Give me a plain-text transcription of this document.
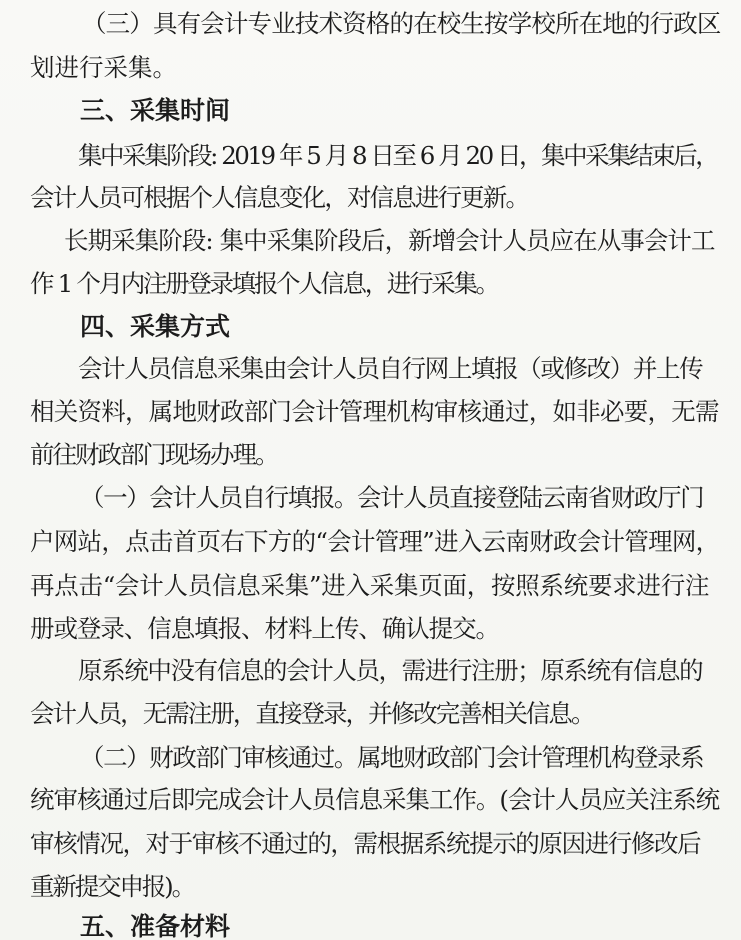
（三）具有会计专业技术资格的在校生按学校所在地的行政区

划进行采集。

三、采集时间

集中采集阶段: 2019 年 5 月 8 日至 6 月 20 日，集中采集结束后，

会计人员可根据个人信息变化，对信息进行更新。

长期采集阶段: 集中采集阶段后，新增会计人员应在从事会计工

作 1 个月内注册登录填报个人信息，进行采集。

四、采集方式

会计人员信息采集由会计人员自行网上填报（或修改）并上传

相关资料，属地财政部门会计管理机构审核通过，如非必要，无需

前往财政部门现场办理。

（一）会计人员自行填报。会计人员直接登陆云南省财政厅门

户网站，点击首页右下方的“会计管理”进入云南财政会计管理网，

再点击“会计人员信息采集”进入采集页面，按照系统要求进行注

册或登录、信息填报、材料上传、确认提交。

原系统中没有信息的会计人员，需进行注册；原系统有信息的

会计人员，无需注册，直接登录，并修改完善相关信息。

（二）财政部门审核通过。属地财政部门会计管理机构登录系

统审核通过后即完成会计人员信息采集工作。(会计人员应关注系统

审核情况，对于审核不通过的，需根据系统提示的原因进行修改后

重新提交申报)。

五、准备材料
